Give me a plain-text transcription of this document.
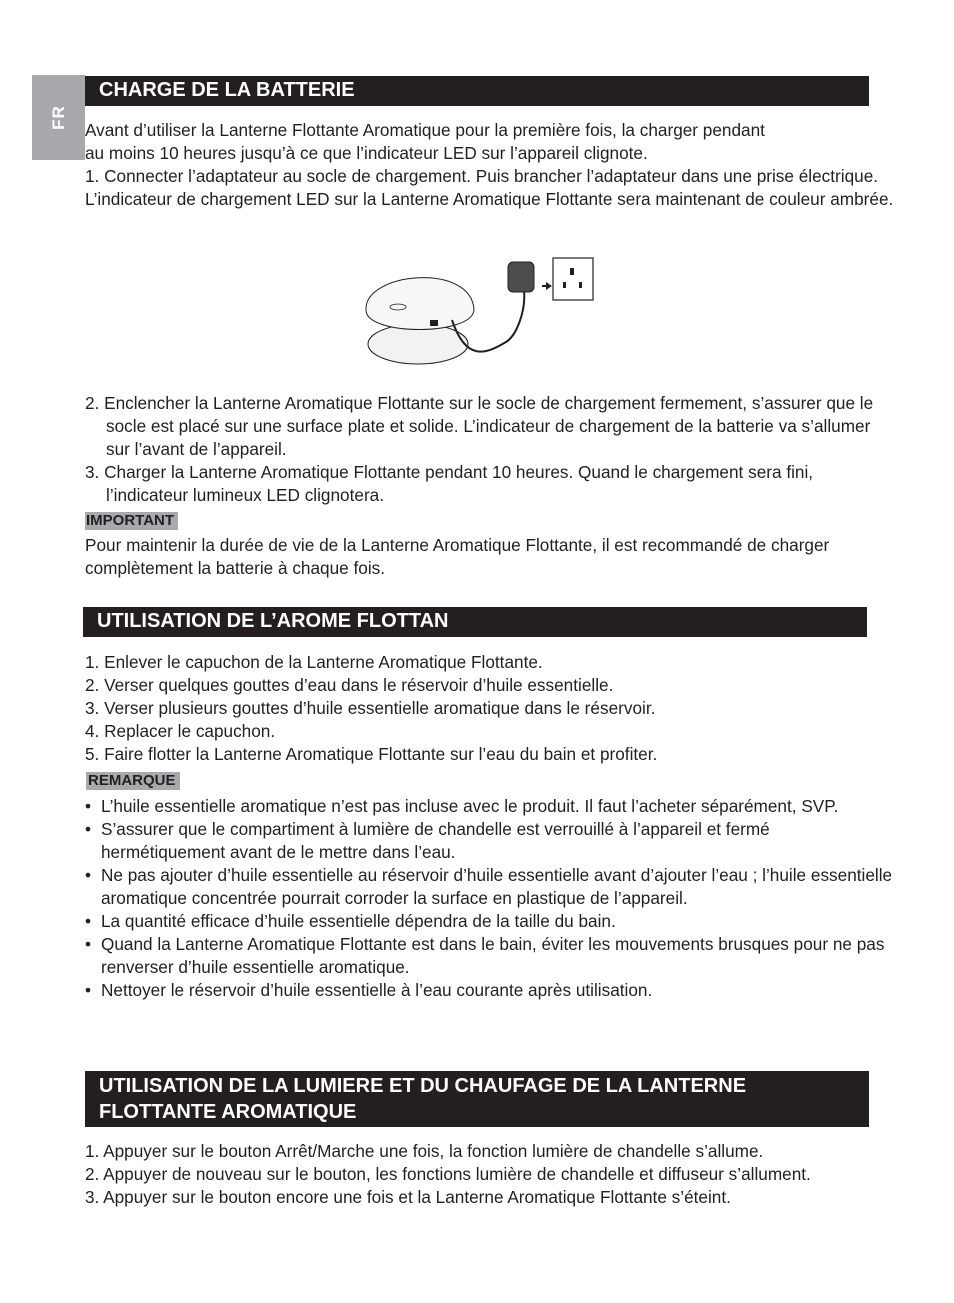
FR
CHARGE DE LA BATTERIE

Avant d’utiliser la Lanterne Flottante Aromatique pour la première fois, la charger pendant

au moins 10 heures jusqu’à ce que l’indicateur LED sur l’appareil clignote.

1. Connecter l’adaptateur au socle de chargement. Puis brancher l’adaptateur dans une prise électrique. L’indicateur de chargement LED sur la Lanterne Aromatique Flottante sera maintenant de couleur ambrée.

2. Enclencher la Lanterne Aromatique Flottante sur le socle de chargement fermement, s’assurer que le socle est placé sur une surface plate et solide. L’indicateur de chargement de la batterie va s’allumer sur l’avant de l’appareil.

3. Charger la Lanterne Aromatique Flottante pendant 10 heures. Quand le chargement sera fini, l’indicateur lumineux LED clignotera.

IMPORTANT

Pour maintenir la durée de vie de la Lanterne Aromatique Flottante, il est recommandé de charger complètement la batterie à chaque fois.

UTILISATION DE L’AROME FLOTTAN

1. Enlever le capuchon de la Lanterne Aromatique Flottante.

2. Verser quelques gouttes d’eau dans le réservoir d’huile essentielle.

3. Verser plusieurs gouttes d’huile essentielle aromatique dans le réservoir.

4. Replacer le capuchon.

5. Faire flotter la Lanterne Aromatique Flottante sur l’eau du bain et profiter.

REMARQUE

• L’huile essentielle aromatique n’est pas incluse avec le produit. Il faut l’acheter séparément, SVP.

• S’assurer que le compartiment à lumière de chandelle est verrouillé à l’appareil et fermé hermétiquement avant de le mettre dans l’eau.

• Ne pas ajouter d’huile essentielle au réservoir d’huile essentielle avant d’ajouter l’eau ; l’huile essentielle aromatique concentrée pourrait corroder la surface en plastique de l’appareil.

• La quantité efficace d’huile essentielle dépendra de la taille du bain.

• Quand la Lanterne Aromatique Flottante est dans le bain, éviter les mouvements brusques pour ne pas renverser d’huile essentielle aromatique.

• Nettoyer le réservoir d’huile essentielle à l’eau courante après utilisation.

UTILISATION DE LA LUMIERE ET DU CHAUFAGE DE LA LANTERNE
FLOTTANTE AROMATIQUE

1. Appuyer sur le bouton Arrêt/Marche une fois, la fonction lumière de chandelle s’allume.

2. Appuyer de nouveau sur le bouton, les fonctions lumière de chandelle et diffuseur s’allument.

3. Appuyer sur le bouton encore une fois et la Lanterne Aromatique Flottante s’éteint.
